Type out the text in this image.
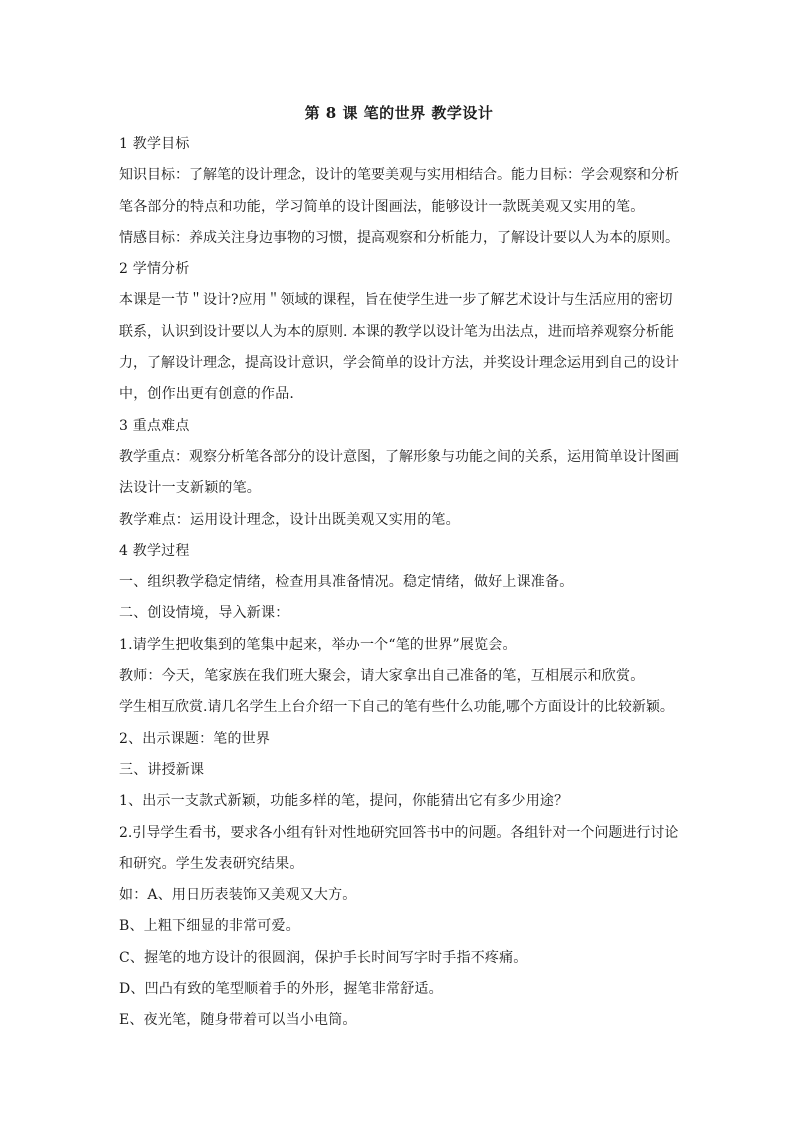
第 8 课 笔的世界 教学设计
1 教学目标
知识目标：了解笔的设计理念，设计的笔要美观与实用相结合。能力目标：学会观察和分析
笔各部分的特点和功能，学习简单的设计图画法，能够设计一款既美观又实用的笔。
情感目标：养成关注身边事物的习惯，提高观察和分析能力，了解设计要以人为本的原则。
2 学情分析
本课是一节＂设计?应用＂领域的课程，旨在使学生进一步了解艺术设计与生活应用的密切
联系，认识到设计要以人为本的原则. 本课的教学以设计笔为出法点，进而培养观察分析能
力，了解设计理念，提高设计意识，学会简单的设计方法，并奖设计理念运用到自己的设计
中，创作出更有创意的作品.
3 重点难点
教学重点：观察分析笔各部分的设计意图，了解形象与功能之间的关系，运用简单设计图画
法设计一支新颖的笔。
教学难点：运用设计理念，设计出既美观又实用的笔。
4 教学过程
一、组织教学稳定情绪，检查用具准备情况。稳定情绪，做好上课准备。
二、创设情境，导入新课：
1.请学生把收集到的笔集中起来，举办一个“笔的世界”展览会。
教师：今天，笔家族在我们班大聚会，请大家拿出自己准备的笔，互相展示和欣赏。
学生相互欣赏.请几名学生上台介绍一下自己的笔有些什么功能,哪个方面设计的比较新颖。
2、出示课题：笔的世界
三、讲授新课
1、出示一支款式新颖，功能多样的笔，提问，你能猜出它有多少用途？
2.引导学生看书，要求各小组有针对性地研究回答书中的问题。各组针对一个问题进行讨论
和研究。学生发表研究结果。
如：A、用日历表装饰又美观又大方。
B、上粗下细显的非常可爱。
C、握笔的地方设计的很圆润，保护手长时间写字时手指不疼痛。
D、凹凸有致的笔型顺着手的外形，握笔非常舒适。
E、夜光笔，随身带着可以当小电筒。
